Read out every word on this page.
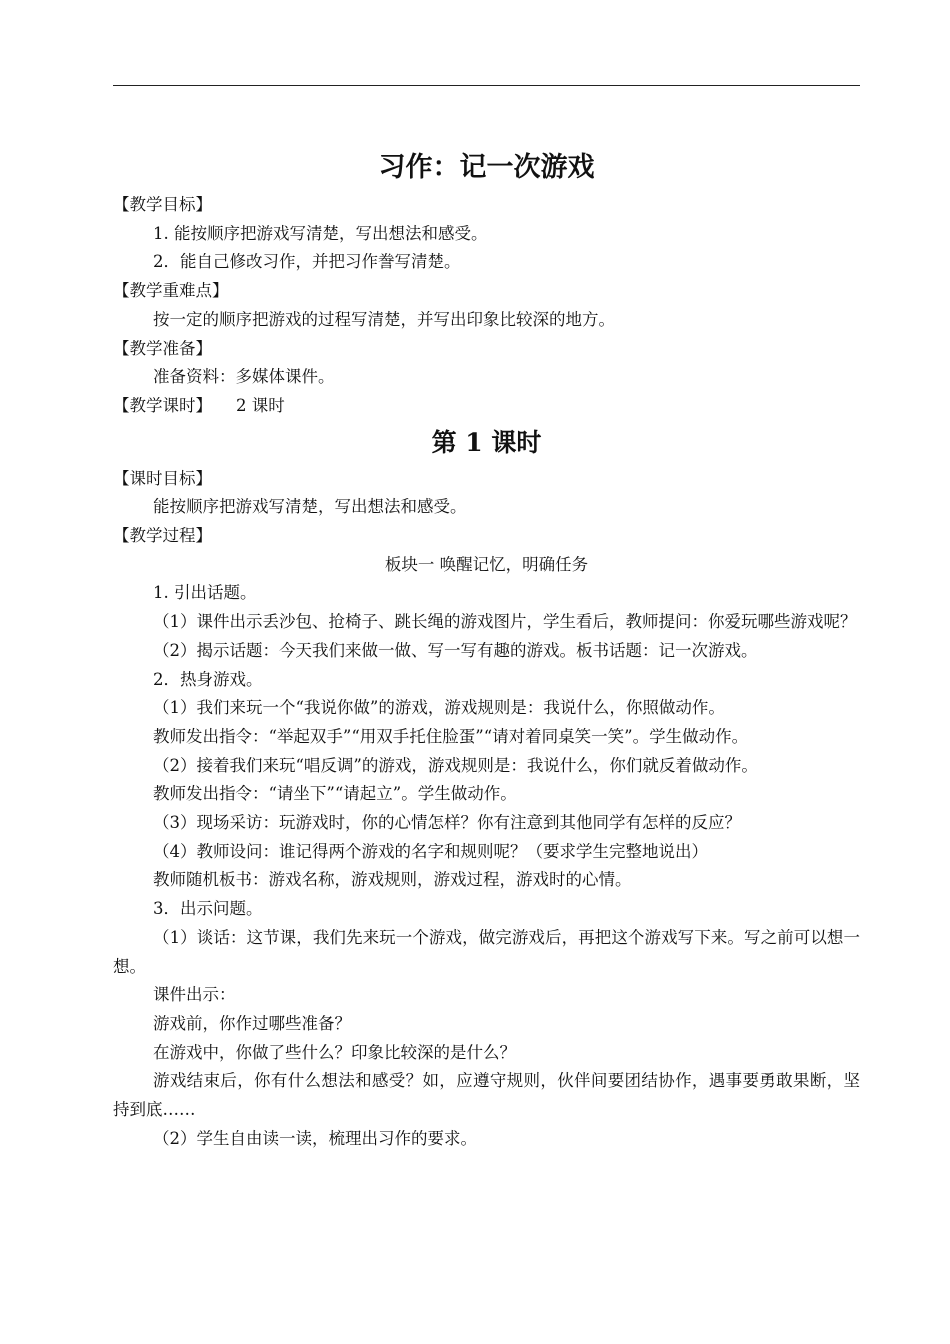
习作：记一次游戏

【教学目标】

1. 能按顺序把游戏写清楚，写出想法和感受。

2．能自己修改习作，并把习作誊写清楚。

【教学重难点】

按一定的顺序把游戏的过程写清楚，并写出印象比较深的地方。

【教学准备】

准备资料：多媒体课件。

【教学课时】 2 课时

第 1 课时

【课时目标】

能按顺序把游戏写清楚，写出想法和感受。

【教学过程】

板块一 唤醒记忆，明确任务

1. 引出话题。

（1）课件出示丢沙包、抢椅子、跳长绳的游戏图片，学生看后，教师提问：你爱玩哪些游戏呢？

（2）揭示话题：今天我们来做一做、写一写有趣的游戏。板书话题：记一次游戏。

2．热身游戏。

（1）我们来玩一个“我说你做”的游戏，游戏规则是：我说什么，你照做动作。

教师发出指令：“举起双手”“用双手托住脸蛋”“请对着同桌笑一笑”。学生做动作。

（2）接着我们来玩“唱反调”的游戏，游戏规则是：我说什么，你们就反着做动作。

教师发出指令：“请坐下”“请起立”。学生做动作。

（3）现场采访：玩游戏时，你的心情怎样？你有注意到其他同学有怎样的反应？

（4）教师设问：谁记得两个游戏的名字和规则呢？（要求学生完整地说出）

教师随机板书：游戏名称，游戏规则，游戏过程，游戏时的心情。

3．出示问题。

（1）谈话：这节课，我们先来玩一个游戏，做完游戏后，再把这个游戏写下来。写之前可以想一想。

课件出示：

游戏前，你作过哪些准备？

在游戏中，你做了些什么？印象比较深的是什么？

游戏结束后，你有什么想法和感受？如，应遵守规则，伙伴间要团结协作，遇事要勇敢果断，坚持到底……

（2）学生自由读一读，梳理出习作的要求。
